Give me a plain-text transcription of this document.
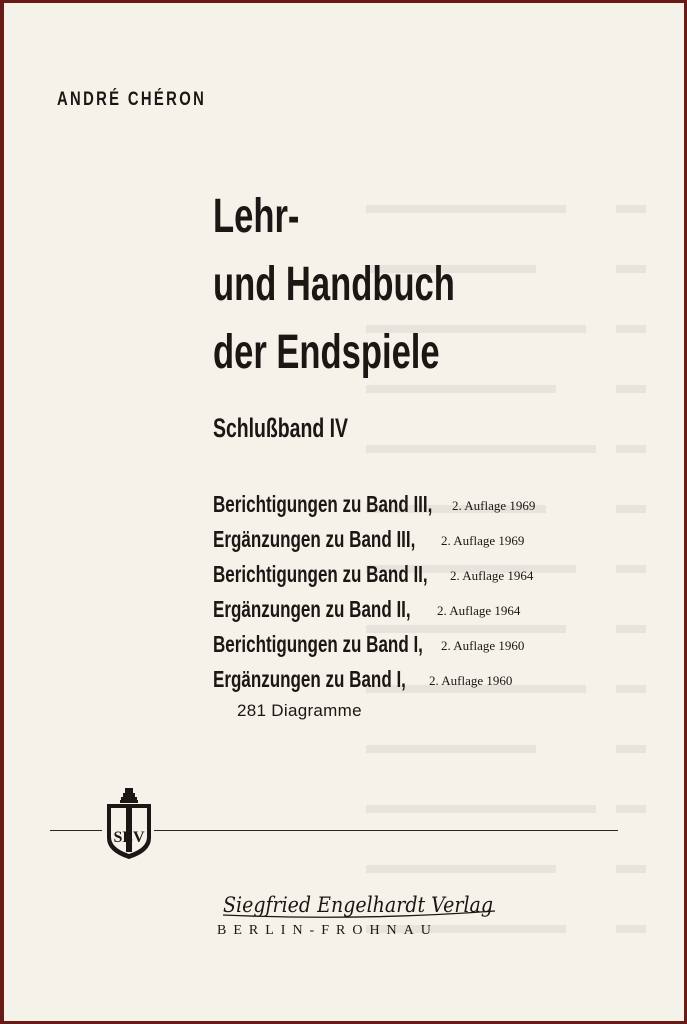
ANDRÉ CHÉRON
Lehr-
und Handbuch
der Endspiele
Schlußband IV
Berichtigungen zu Band III, 2. Auflage 1969
Ergänzungen zu Band III, 2. Auflage 1969
Berichtigungen zu Band II, 2. Auflage 1964
Ergänzungen zu Band II, 2. Auflage 1964
Berichtigungen zu Band I, 2. Auflage 1960
Ergänzungen zu Band I, 2. Auflage 1960
281 Diagramme
SEV
Siegfried Engelhardt Verlag
BERLIN-FROHNAU
